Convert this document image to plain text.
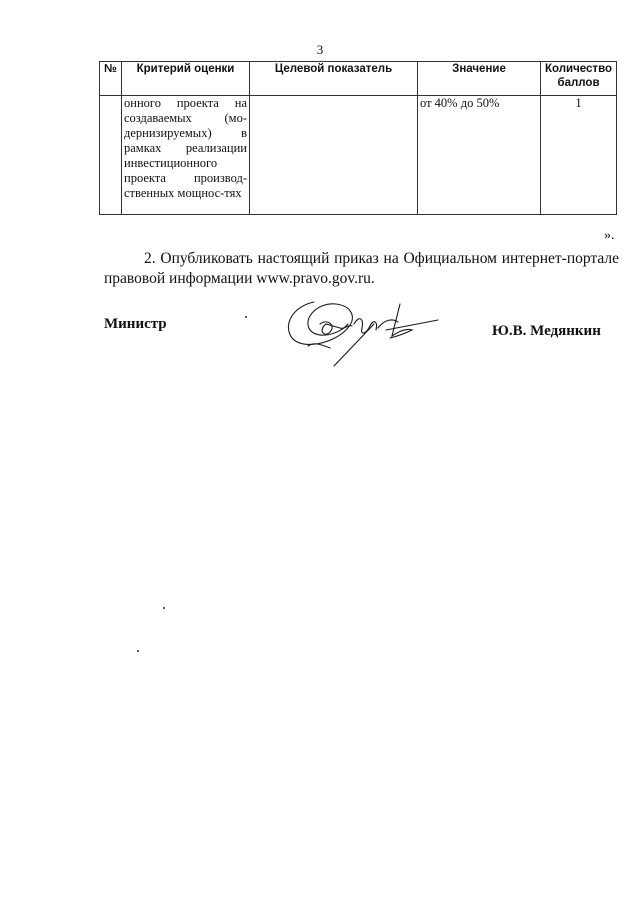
3
№	Критерий оценки	Целевой показатель	Значение	Количество баллов

	онного проекта на создаваемых (мо-дернизируемых) в рамках реализации инвестиционного проекта производ-ственных мощнос-тях		от 40% до 50%	1
».
2. Опубликовать настоящий приказ на Официальном интернет-портале правовой информации www.pravo.gov.ru.
Министр	Ю.В. Медянкин
